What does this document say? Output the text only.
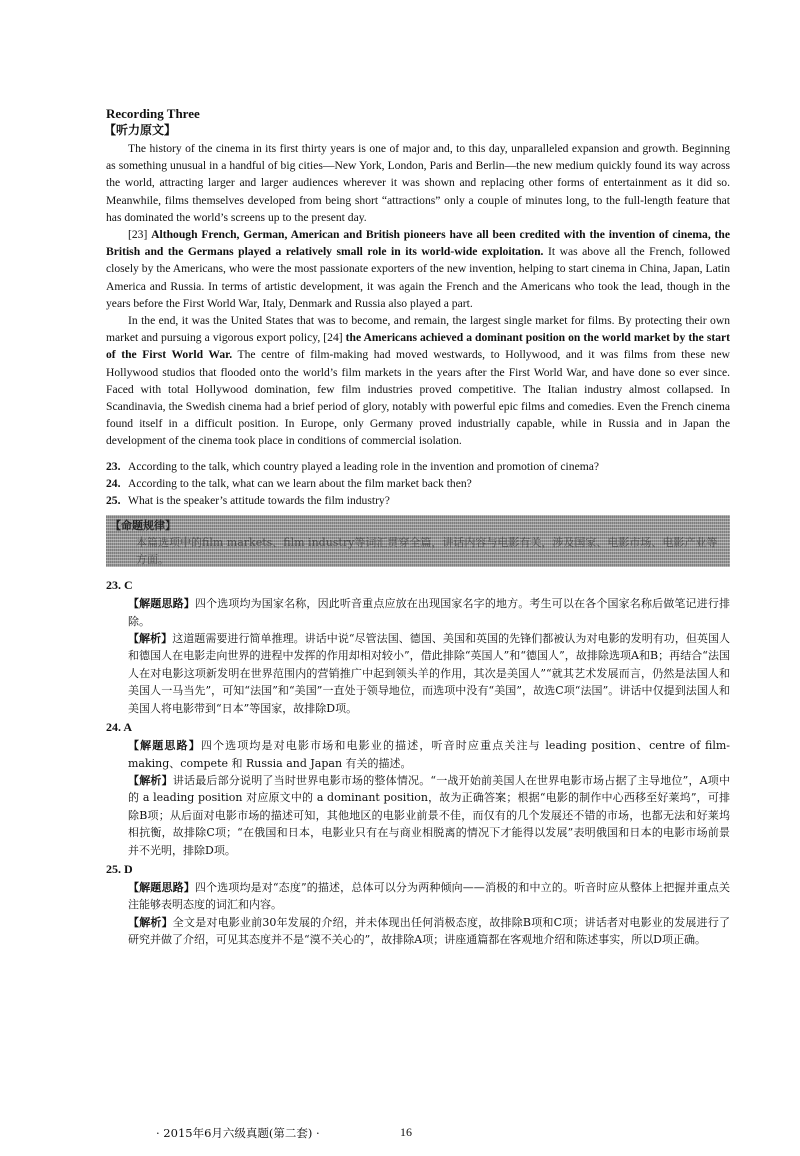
Recording Three

【听力原文】

The history of the cinema in its first thirty years is one of major and, to this day, unparalleled expansion and growth. Beginning as something unusual in a handful of big cities—New York, London, Paris and Berlin—the new medium quickly found its way across the world, attracting larger and larger audiences wherever it was shown and replacing other forms of entertainment as it did so. Meanwhile, films themselves developed from being short “attractions” only a couple of minutes long, to the full-length feature that has dominated the world’s screens up to the present day.

[23] Although French, German, American and British pioneers have all been credited with the invention of cinema, the British and the Germans played a relatively small role in its world-wide exploitation. It was above all the French, followed closely by the Americans, who were the most passionate exporters of the new invention, helping to start cinema in China, Japan, Latin America and Russia. In terms of artistic development, it was again the French and the Americans who took the lead, though in the years before the First World War, Italy, Denmark and Russia also played a part.

In the end, it was the United States that was to become, and remain, the largest single market for films. By protecting their own market and pursuing a vigorous export policy, [24] the Americans achieved a dominant position on the world market by the start of the First World War. The centre of film-making had moved westwards, to Hollywood, and it was films from these new Hollywood studios that flooded onto the world’s film markets in the years after the First World War, and have done so ever since. Faced with total Hollywood domination, few film industries proved competitive. The Italian industry almost collapsed. In Scandinavia, the Swedish cinema had a brief period of glory, notably with powerful epic films and comedies. Even the French cinema found itself in a difficult position. In Europe, only Germany proved industrially capable, while in Russia and in Japan the development of the cinema took place in conditions of commercial isolation.

23. According to the talk, which country played a leading role in the invention and promotion of cinema?

24. According to the talk, what can we learn about the film market back then?

25. What is the speaker’s attitude towards the film industry?

【命题规律】
本篇选项中的film markets、film industry等词汇贯穿全篇，讲话内容与电影有关，涉及国家、电影市场、电影产业等方面。

23. C

【解题思路】四个选项均为国家名称，因此听音重点应放在出现国家名字的地方。考生可以在各个国家名称后做笔记进行排除。

【解析】这道题需要进行简单推理。讲话中说“尽管法国、德国、美国和英国的先锋们都被认为对电影的发明有功，但英国人和德国人在电影走向世界的进程中发挥的作用却相对较小”，借此排除“英国人”和“德国人”，故排除选项A和B；再结合“法国人在对电影这项新发明在世界范围内的营销推广中起到领头羊的作用，其次是美国人”“就其艺术发展而言，仍然是法国人和美国人一马当先”，可知“法国”和“美国”一直处于领导地位，而选项中没有“美国”，故选C项“法国”。讲话中仅提到法国人和美国人将电影带到“日本”等国家，故排除D项。

24. A

【解题思路】四个选项均是对电影市场和电影业的描述，听音时应重点关注与 leading position、centre of film-making、compete 和 Russia and Japan 有关的描述。

【解析】讲话最后部分说明了当时世界电影市场的整体情况。“一战开始前美国人在世界电影市场占据了主导地位”，A项中的 a leading position 对应原文中的 a dominant position，故为正确答案；根据“电影的制作中心西移至好莱坞”，可排除B项；从后面对电影市场的描述可知，其他地区的电影业前景不佳，而仅有的几个发展还不错的市场，也都无法和好莱坞相抗衡，故排除C项；“在俄国和日本，电影业只有在与商业相脱离的情况下才能得以发展”表明俄国和日本的电影市场前景并不光明，排除D项。

25. D

【解题思路】四个选项均是对“态度”的描述，总体可以分为两种倾向——消极的和中立的。听音时应从整体上把握并重点关注能够表明态度的词汇和内容。

【解析】全文是对电影业前30年发展的介绍，并未体现出任何消极态度，故排除B项和C项；讲话者对电影业的发展进行了研究并做了介绍，可见其态度并不是“漠不关心的”，故排除A项；讲座通篇都在客观地介绍和陈述事实，所以D项正确。

· 2015年6月六级真题(第二套) ·	16
